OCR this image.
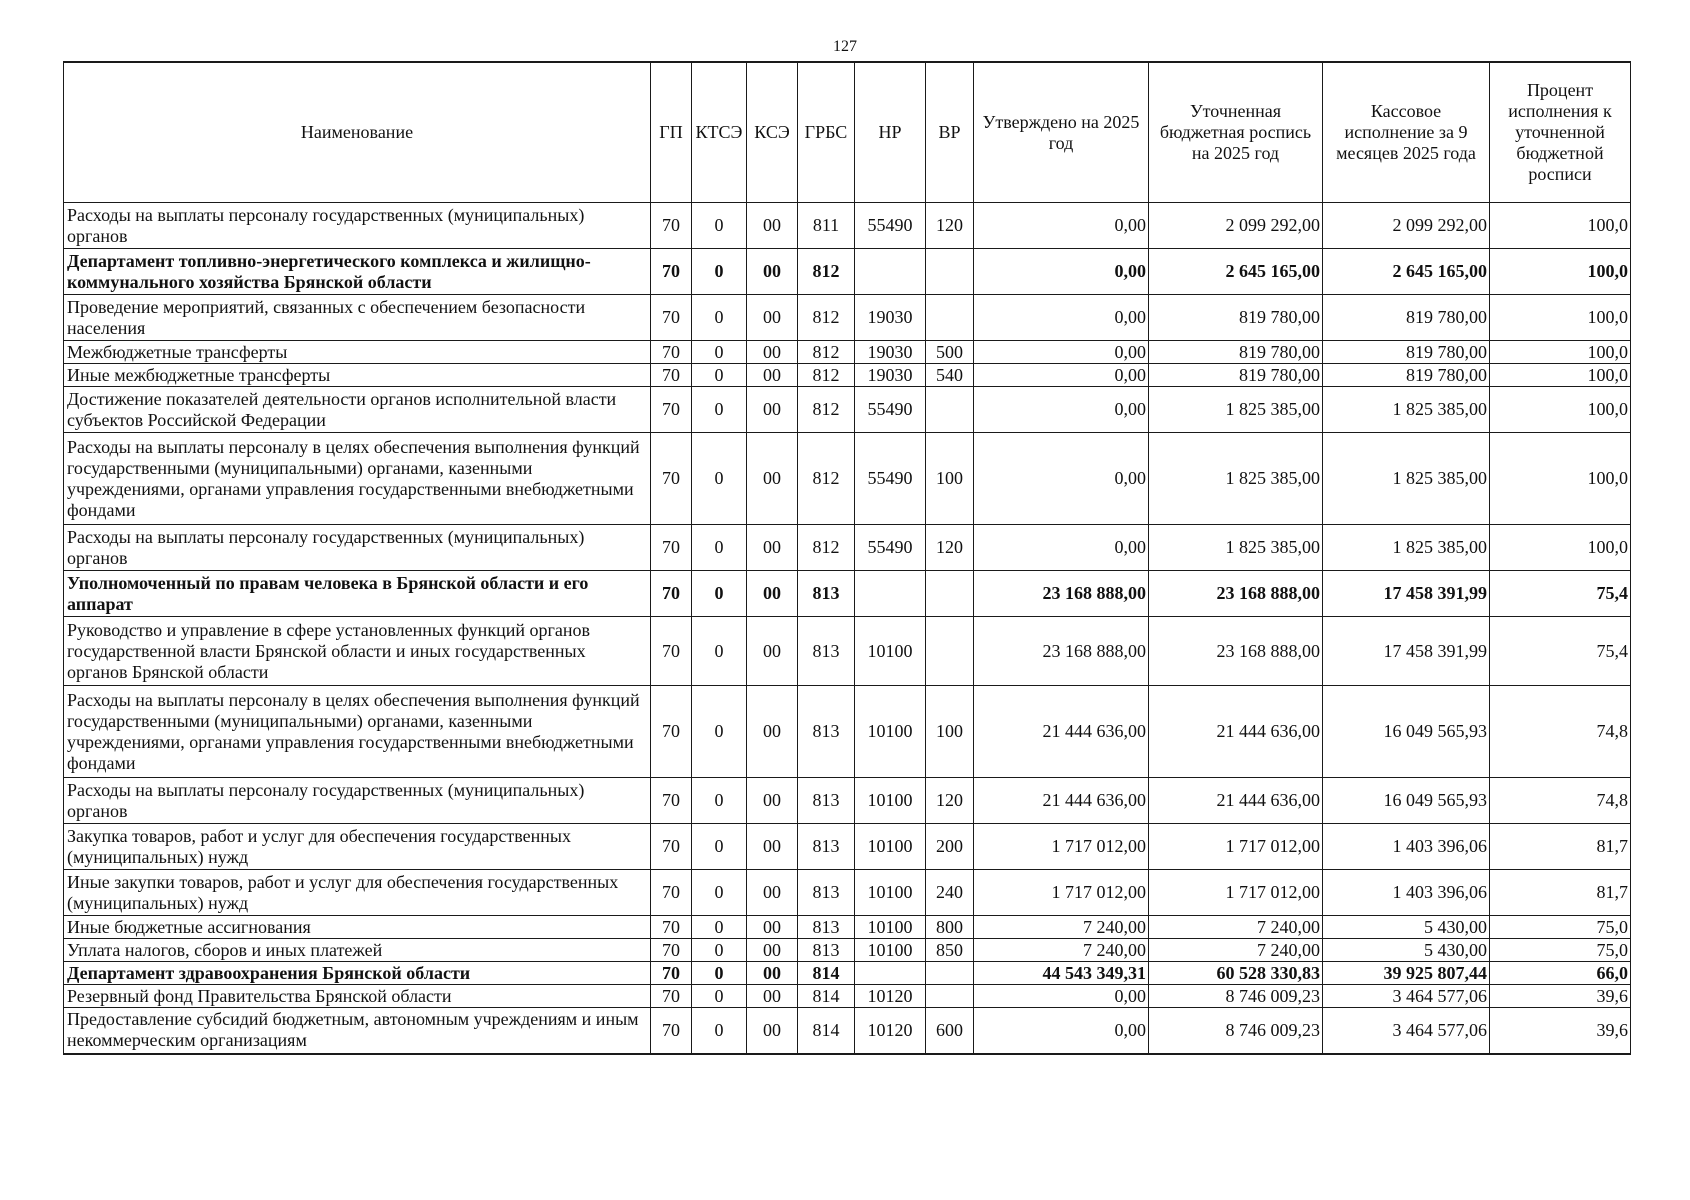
127
Наименование	ГП	КТСЭ	КСЭ	ГРБС	НР	ВР	Утверждено на 2025 год	Уточненная бюджетная роспись на 2025 год	Кассовое исполнение за 9 месяцев 2025 года	Процент исполнения к уточненной бюджетной росписи
Расходы на выплаты персоналу государственных (муниципальных) органов	70	0	00	811	55490	120	0,00	2 099 292,00	2 099 292,00	100,0
Департамент топливно-энергетического комплекса и жилищно-коммунального хозяйства Брянской области	70	0	00	812			0,00	2 645 165,00	2 645 165,00	100,0
Проведение мероприятий, связанных с обеспечением безопасности населения	70	0	00	812	19030		0,00	819 780,00	819 780,00	100,0
Межбюджетные трансферты	70	0	00	812	19030	500	0,00	819 780,00	819 780,00	100,0
Иные межбюджетные трансферты	70	0	00	812	19030	540	0,00	819 780,00	819 780,00	100,0
Достижение показателей деятельности органов исполнительной власти субъектов Российской Федерации	70	0	00	812	55490		0,00	1 825 385,00	1 825 385,00	100,0
Расходы на выплаты персоналу в целях обеспечения выполнения функций государственными (муниципальными) органами, казенными учреждениями, органами управления государственными внебюджетными фондами	70	0	00	812	55490	100	0,00	1 825 385,00	1 825 385,00	100,0
Расходы на выплаты персоналу государственных (муниципальных) органов	70	0	00	812	55490	120	0,00	1 825 385,00	1 825 385,00	100,0
Уполномоченный по правам человека в Брянской области и его аппарат	70	0	00	813			23 168 888,00	23 168 888,00	17 458 391,99	75,4
Руководство и управление в сфере установленных функций органов государственной власти Брянской области и иных государственных органов Брянской области	70	0	00	813	10100		23 168 888,00	23 168 888,00	17 458 391,99	75,4
Расходы на выплаты персоналу в целях обеспечения выполнения функций государственными (муниципальными) органами, казенными учреждениями, органами управления государственными внебюджетными фондами	70	0	00	813	10100	100	21 444 636,00	21 444 636,00	16 049 565,93	74,8
Расходы на выплаты персоналу государственных (муниципальных) органов	70	0	00	813	10100	120	21 444 636,00	21 444 636,00	16 049 565,93	74,8
Закупка товаров, работ и услуг для обеспечения государственных (муниципальных) нужд	70	0	00	813	10100	200	1 717 012,00	1 717 012,00	1 403 396,06	81,7
Иные закупки товаров, работ и услуг для обеспечения государственных (муниципальных) нужд	70	0	00	813	10100	240	1 717 012,00	1 717 012,00	1 403 396,06	81,7
Иные бюджетные ассигнования	70	0	00	813	10100	800	7 240,00	7 240,00	5 430,00	75,0
Уплата налогов, сборов и иных платежей	70	0	00	813	10100	850	7 240,00	7 240,00	5 430,00	75,0
Департамент здравоохранения Брянской области	70	0	00	814			44 543 349,31	60 528 330,83	39 925 807,44	66,0
Резервный фонд Правительства Брянской области	70	0	00	814	10120		0,00	8 746 009,23	3 464 577,06	39,6
Предоставление субсидий бюджетным, автономным учреждениям и иным некоммерческим организациям	70	0	00	814	10120	600	0,00	8 746 009,23	3 464 577,06	39,6
